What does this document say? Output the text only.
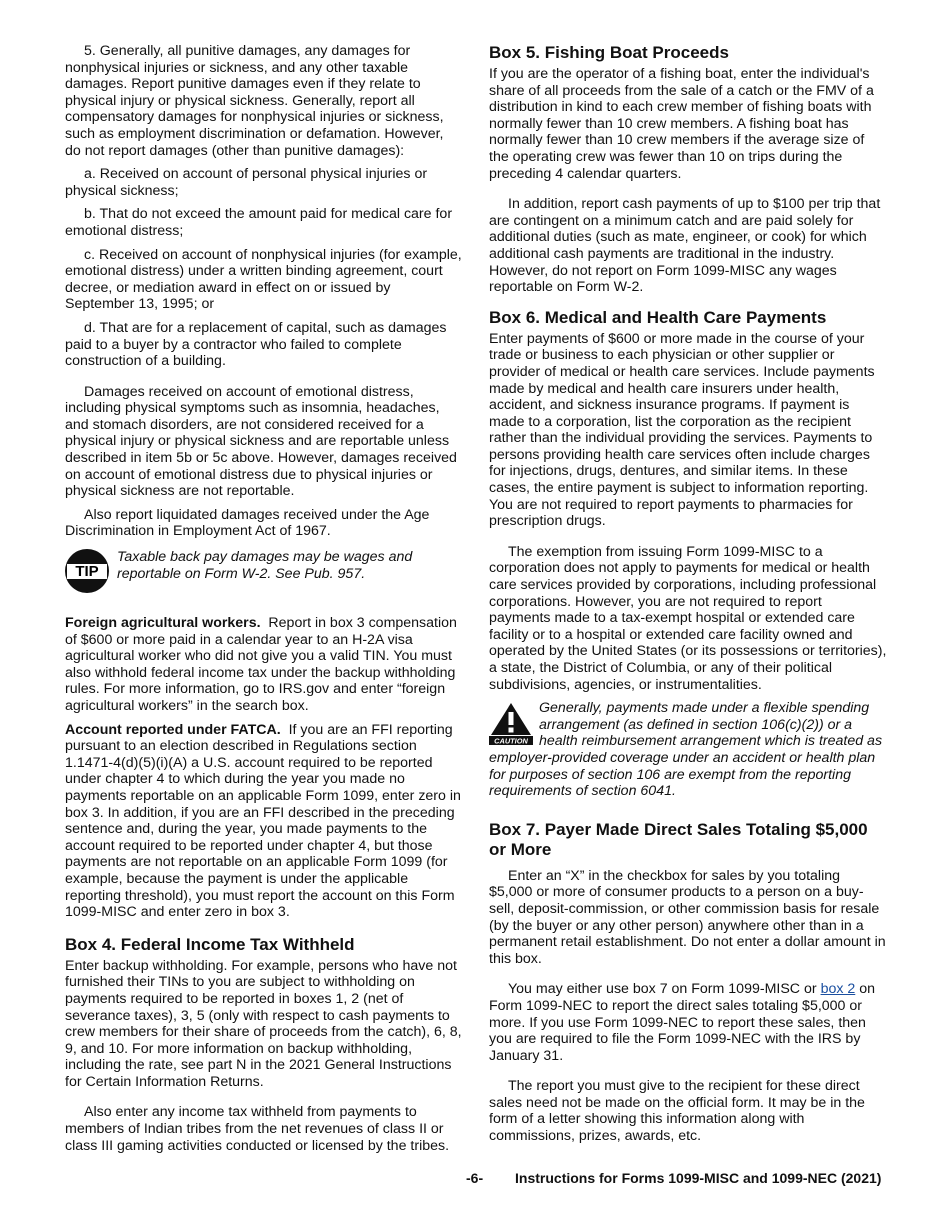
5. Generally, all punitive damages, any damages for nonphysical injuries or sickness, and any other taxable damages. Report punitive damages even if they relate to physical injury or physical sickness. Generally, report all compensatory damages for nonphysical injuries or sickness, such as employment discrimination or defamation. However, do not report damages (other than punitive damages):

a. Received on account of personal physical injuries or physical sickness;

b. That do not exceed the amount paid for medical care for emotional distress;

c. Received on account of nonphysical injuries (for example, emotional distress) under a written binding agreement, court decree, or mediation award in effect on or issued by September 13, 1995; or

d. That are for a replacement of capital, such as damages paid to a buyer by a contractor who failed to complete construction of a building.

Damages received on account of emotional distress, including physical symptoms such as insomnia, headaches, and stomach disorders, are not considered received for a physical injury or physical sickness and are reportable unless described in item 5b or 5c above. However, damages received on account of emotional distress due to physical injuries or physical sickness are not reportable.

Also report liquidated damages received under the Age Discrimination in Employment Act of 1967.

TIP
Taxable back pay damages may be wages and reportable on Form W-2. See Pub. 957.

Foreign agricultural workers. Report in box 3 compensation of $600 or more paid in a calendar year to an H-2A visa agricultural worker who did not give you a valid TIN. You must also withhold federal income tax under the backup withholding rules. For more information, go to IRS.gov and enter “foreign agricultural workers” in the search box.

Account reported under FATCA. If you are an FFI reporting pursuant to an election described in Regulations section 1.1471-4(d)(5)(i)(A) a U.S. account required to be reported under chapter 4 to which during the year you made no payments reportable on an applicable Form 1099, enter zero in box 3. In addition, if you are an FFI described in the preceding sentence and, during the year, you made payments to the account required to be reported under chapter 4, but those payments are not reportable on an applicable Form 1099 (for example, because the payment is under the applicable reporting threshold), you must report the account on this Form 1099-MISC and enter zero in box 3.

Box 4. Federal Income Tax Withheld

Enter backup withholding. For example, persons who have not furnished their TINs to you are subject to withholding on payments required to be reported in boxes 1, 2 (net of severance taxes), 3, 5 (only with respect to cash payments to crew members for their share of proceeds from the catch), 6, 8, 9, and 10. For more information on backup withholding, including the rate, see part N in the 2021 General Instructions for Certain Information Returns.

Also enter any income tax withheld from payments to members of Indian tribes from the net revenues of class II or class III gaming activities conducted or licensed by the tribes.

Box 5. Fishing Boat Proceeds

If you are the operator of a fishing boat, enter the individual's share of all proceeds from the sale of a catch or the FMV of a distribution in kind to each crew member of fishing boats with normally fewer than 10 crew members. A fishing boat has normally fewer than 10 crew members if the average size of the operating crew was fewer than 10 on trips during the preceding 4 calendar quarters.

In addition, report cash payments of up to $100 per trip that are contingent on a minimum catch and are paid solely for additional duties (such as mate, engineer, or cook) for which additional cash payments are traditional in the industry. However, do not report on Form 1099-MISC any wages reportable on Form W-2.

Box 6. Medical and Health Care Payments

Enter payments of $600 or more made in the course of your trade or business to each physician or other supplier or provider of medical or health care services. Include payments made by medical and health care insurers under health, accident, and sickness insurance programs. If payment is made to a corporation, list the corporation as the recipient rather than the individual providing the services. Payments to persons providing health care services often include charges for injections, drugs, dentures, and similar items. In these cases, the entire payment is subject to information reporting. You are not required to report payments to pharmacies for prescription drugs.

The exemption from issuing Form 1099-MISC to a corporation does not apply to payments for medical or health care services provided by corporations, including professional corporations. However, you are not required to report payments made to a tax-exempt hospital or extended care facility or to a hospital or extended care facility owned and operated by the United States (or its possessions or territories), a state, the District of Columbia, or any of their political subdivisions, agencies, or instrumentalities.

CAUTION
Generally, payments made under a flexible spending arrangement (as defined in section 106(c)(2)) or a health reimbursement arrangement which is treated as employer-provided coverage under an accident or health plan for purposes of section 106 are exempt from the reporting requirements of section 6041.
Box 7. Payer Made Direct Sales Totaling $5,000 or More

Enter an “X” in the checkbox for sales by you totaling $5,000 or more of consumer products to a person on a buy-sell, deposit-commission, or other commission basis for resale (by the buyer or any other person) anywhere other than in a permanent retail establishment. Do not enter a dollar amount in this box.

You may either use box 7 on Form 1099-MISC or box 2 on Form 1099-NEC to report the direct sales totaling $5,000 or more. If you use Form 1099-NEC to report these sales, then you are required to file the Form 1099-NEC with the IRS by January 31.

The report you must give to the recipient for these direct sales need not be made on the official form. It may be in the form of a letter showing this information along with commissions, prizes, awards, etc.

-6- Instructions for Forms 1099-MISC and 1099-NEC (2021)
